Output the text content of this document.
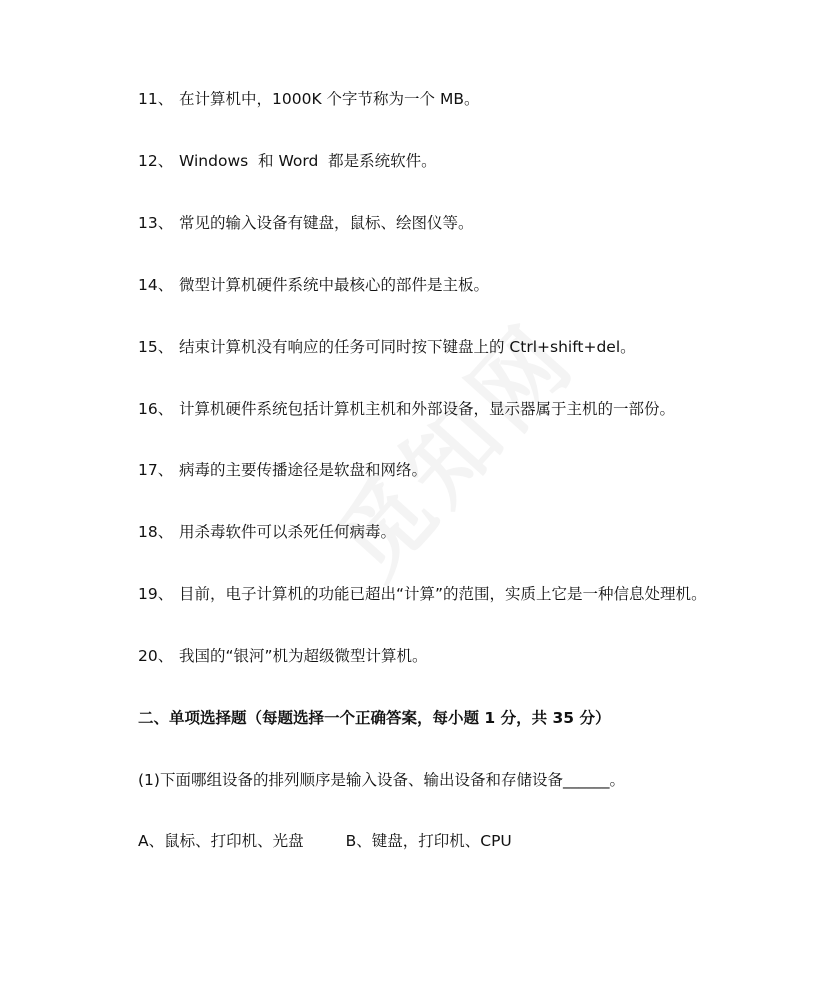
11、 在计算机中，1000K 个字节称为一个 MB。
12、 Windows  和 Word  都是系统软件。
13、 常见的输入设备有键盘，鼠标、绘图仪等。
14、 微型计算机硬件系统中最核心的部件是主板。
15、 结束计算机没有响应的任务可同时按下键盘上的 Ctrl+shift+del。
16、 计算机硬件系统包括计算机主机和外部设备，显示器属于主机的一部份。
17、 病毒的主要传播途径是软盘和网络。
18、 用杀毒软件可以杀死任何病毒。
19、 目前，电子计算机的功能已超出“计算”的范围，实质上它是一种信息处理机。
20、 我国的“银河”机为超级微型计算机。
二、单项选择题（每题选择一个正确答案，每小题 1 分，共 35 分）
(1)下面哪组设备的排列顺序是输入设备、输出设备和存储设备______。
A、鼠标、打印机、光盘	B、键盘，打印机、CPU
